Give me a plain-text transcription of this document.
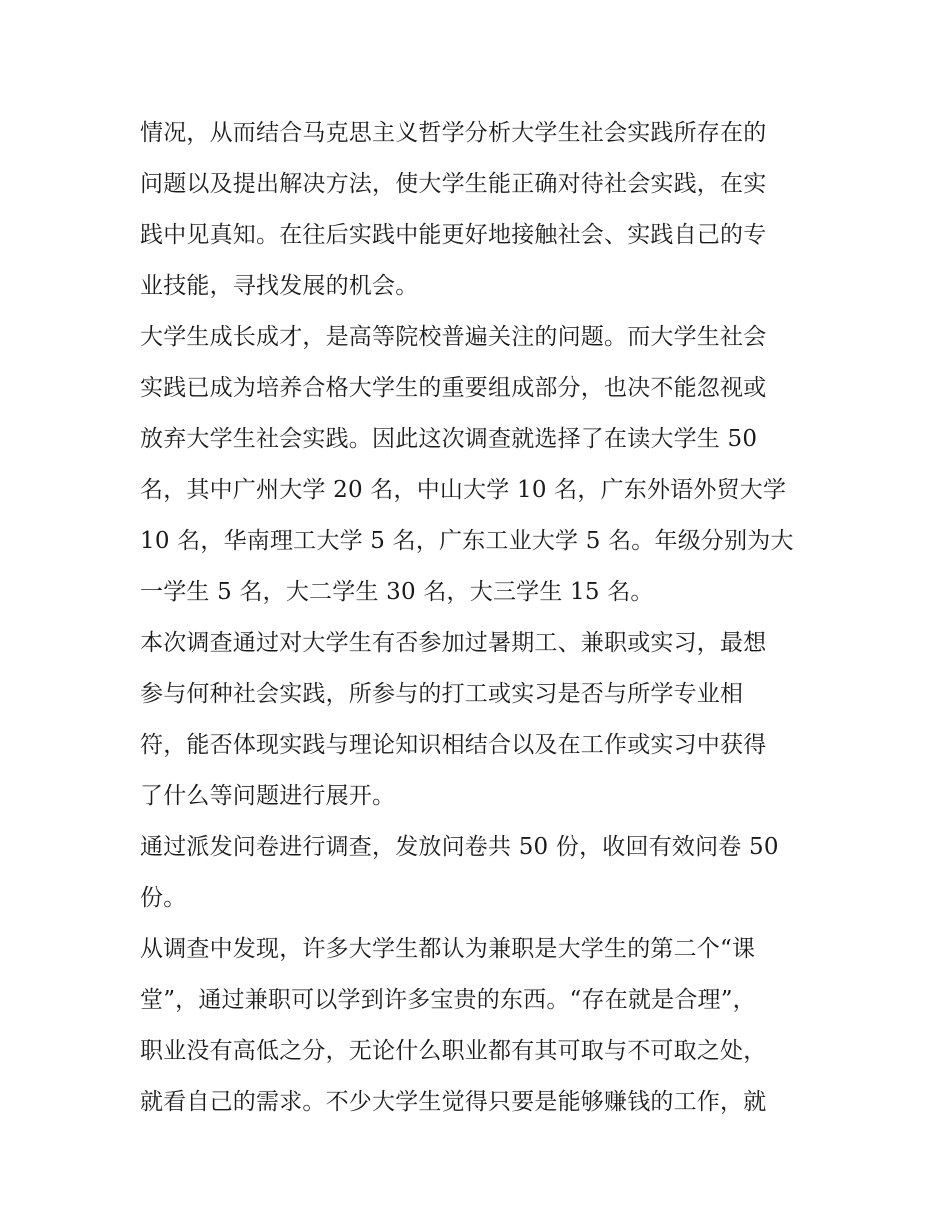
情况，从而结合马克思主义哲学分析大学生社会实践所存在的
问题以及提出解决方法，使大学生能正确对待社会实践，在实
践中见真知。在往后实践中能更好地接触社会、实践自己的专
业技能，寻找发展的机会。
大学生成长成才，是高等院校普遍关注的问题。而大学生社会
实践已成为培养合格大学生的重要组成部分，也决不能忽视或
放弃大学生社会实践。因此这次调查就选择了在读大学生 50
名，其中广州大学 20 名，中山大学 10 名，广东外语外贸大学
10 名，华南理工大学 5 名，广东工业大学 5 名。年级分别为大
一学生 5 名，大二学生 30 名，大三学生 15 名。
本次调查通过对大学生有否参加过暑期工、兼职或实习，最想
参与何种社会实践，所参与的打工或实习是否与所学专业相
符，能否体现实践与理论知识相结合以及在工作或实习中获得
了什么等问题进行展开。
通过派发问卷进行调查，发放问卷共 50 份，收回有效问卷 50
份。
从调查中发现，许多大学生都认为兼职是大学生的第二个“课
堂”，通过兼职可以学到许多宝贵的东西。“存在就是合理”，
职业没有高低之分，无论什么职业都有其可取与不可取之处，
就看自己的需求。不少大学生觉得只要是能够赚钱的工作，就
